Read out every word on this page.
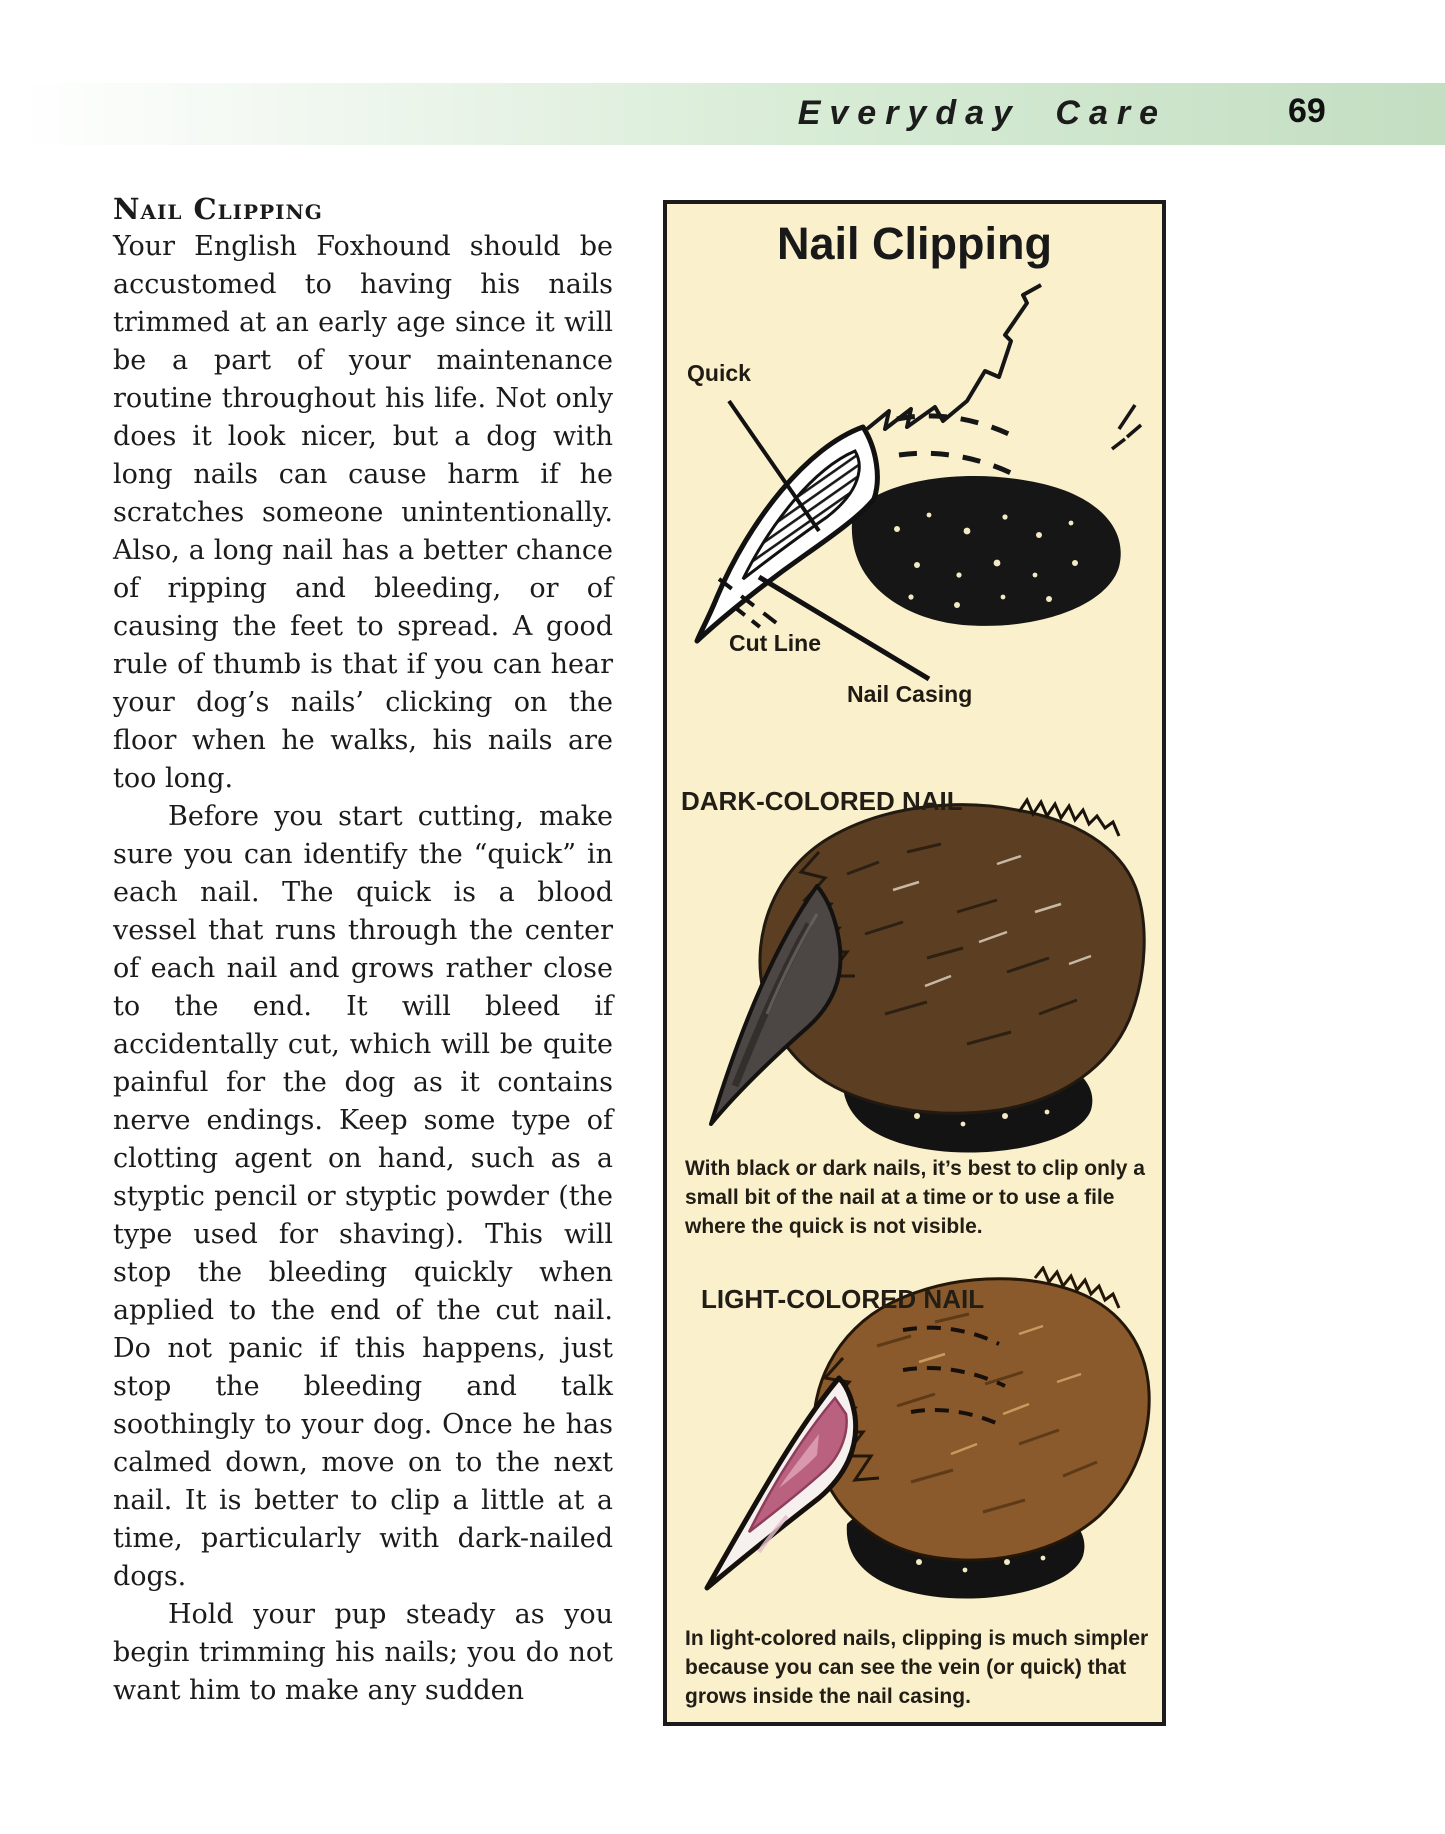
Everyday Care	69
Nail Clipping

Your English Foxhound should be accustomed to having his nails trimmed at an early age since it will be a part of your maintenance routine throughout his life. Not only does it look nicer, but a dog with long nails can cause harm if he scratches someone unintentionally. Also, a long nail has a better chance of ripping and bleeding, or of causing the feet to spread. A good rule of thumb is that if you can hear your dog’s nails’ clicking on the floor when he walks, his nails are too long.

Before you start cutting, make sure you can identify the “quick” in each nail. The quick is a blood vessel that runs through the center of each nail and grows rather close to the end. It will bleed if accidentally cut, which will be quite painful for the dog as it contains nerve endings. Keep some type of clotting agent on hand, such as a styptic pencil or styptic powder (the type used for shaving). This will stop the bleeding quickly when applied to the end of the cut nail. Do not panic if this happens, just stop the bleeding and talk soothingly to your dog. Once he has calmed down, move on to the next nail. It is better to clip a little at a time, particularly with dark-nailed dogs.

Hold your pup steady as you begin trimming his nails; you do not want him to make any sudden

Nail Clipping
Quick
Cut Line
Nail Casing
DARK-COLORED NAIL
With black or dark nails, it’s best to clip only a small bit of the nail at a time or to use a file where the quick is not visible.
LIGHT-COLORED NAIL
In light-colored nails, clipping is much simpler because you can see the vein (or quick) that grows inside the nail casing.
